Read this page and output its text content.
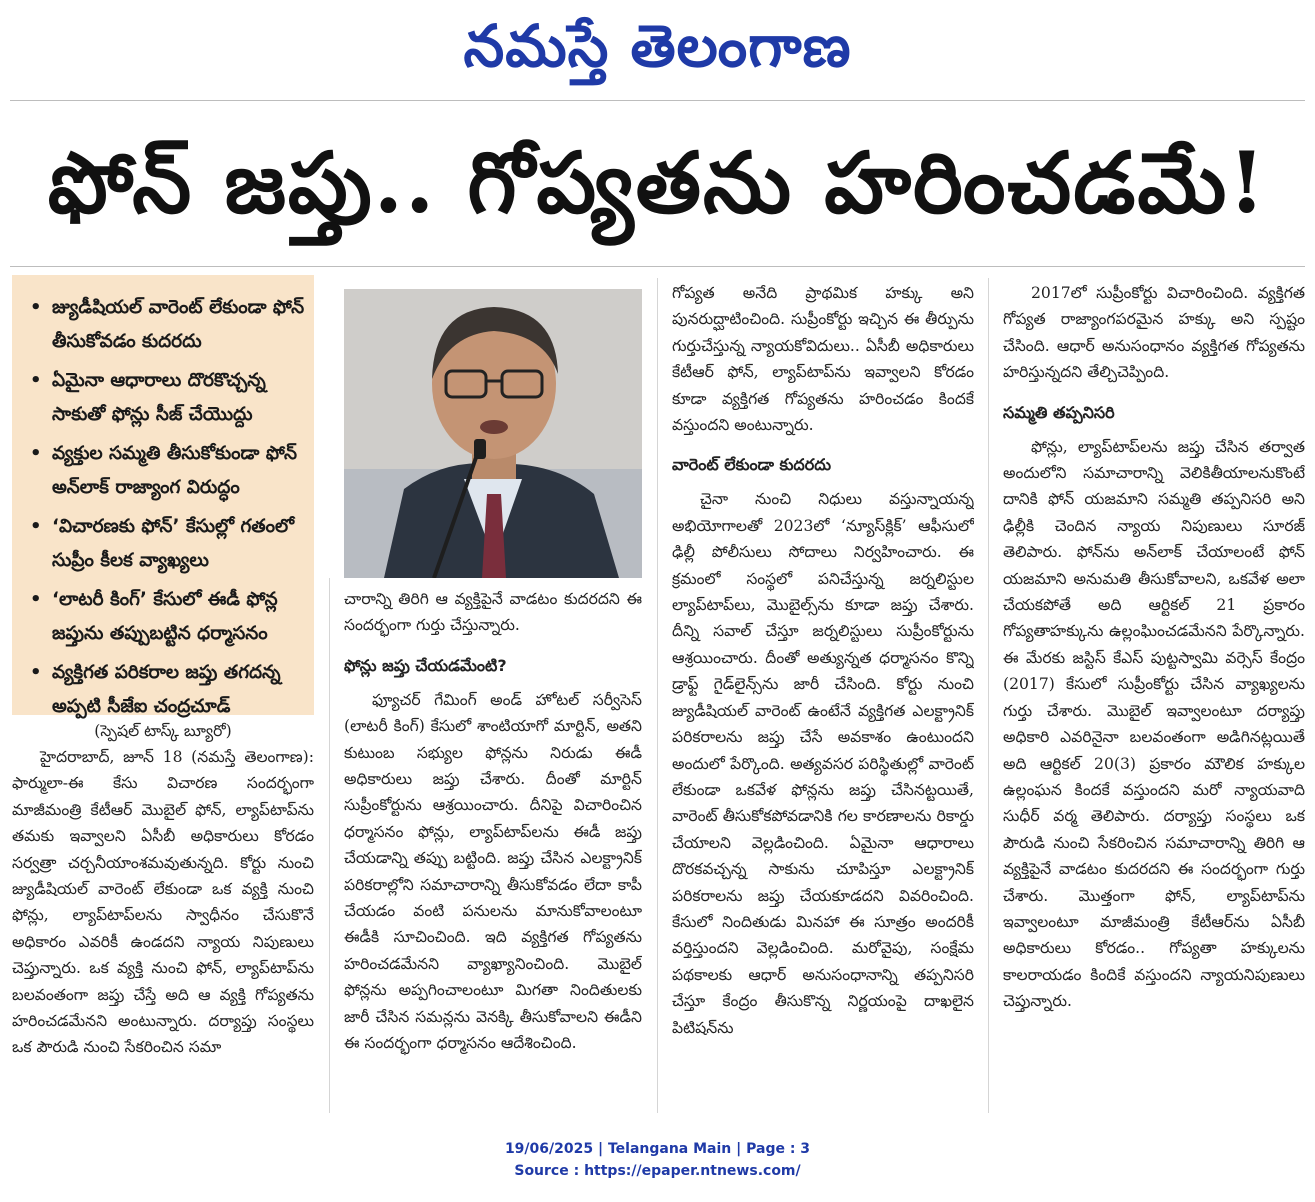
నమస్తే తెలంగాణ
ఫోన్ జప్తు.. గోప్యతను హరించడమే!
• జ్యుడీషియల్ వారెంట్ లేకుండా ఫోన్ తీసుకోవడం కుదరదు
• ఏమైనా ఆధారాలు దొరకొచ్చన్న సాకుతో ఫోన్లు సీజ్ చేయొద్దు
• వ్యక్తుల సమ్మతి తీసుకోకుండా ఫోన్ అన్‌లాక్ రాజ్యాంగ విరుద్ధం
• ‘విచారణకు ఫోన్’ కేసుల్లో గతంలో సుప్రీం కీలక వ్యాఖ్యలు
• ‘లాటరీ కింగ్’ కేసులో ఈడీ ఫోన్ల జప్తును తప్పుబట్టిన ధర్మాసనం
• వ్యక్తిగత పరికరాల జప్తు తగదన్న అప్పటి సీజేఐ చంద్రచూడ్
(స్పెషల్ టాస్క్ బ్యూరో)

హైదరాబాద్, జూన్ 18 (నమస్తే తెలంగాణ): ఫార్ములా-ఈ కేసు విచారణ సందర్భంగా మాజీమంత్రి కేటీఆర్ మొబైల్ ఫోన్, ల్యాప్‌టాప్‌ను తమకు ఇవ్వాలని ఏసీబీ అధికారులు కోరడం సర్వత్రా చర్చనీయాంశమవుతున్నది. కోర్టు నుంచి జ్యుడీషియల్ వారెంట్ లేకుండా ఒక వ్యక్తి నుంచి ఫోన్లు, ల్యాప్‌టాప్‌లను స్వాధీనం చేసుకొనే అధికారం ఎవరికీ ఉండదని న్యాయ నిపుణులు చెప్తున్నారు. ఒక వ్యక్తి నుంచి ఫోన్, ల్యాప్‌టాప్‌ను బలవంతంగా జప్తు చేస్తే అది ఆ వ్యక్తి గోప్యతను హరించడమేనని అంటున్నారు. దర్యాప్తు సంస్థలు ఒక పౌరుడి నుంచి సేకరించిన సమా

చారాన్ని తిరిగి ఆ వ్యక్తిపైనే వాడటం కుదరదని ఈ సందర్భంగా గుర్తు చేస్తున్నారు.

ఫోన్లు జప్తు చేయడమేంటి?

ఫ్యూచర్ గేమింగ్ అండ్ హోటల్ సర్వీసెస్ (లాటరీ కింగ్) కేసులో శాంటియాగో మార్టిన్, అతని కుటుంబ సభ్యుల ఫోన్లను నిరుడు ఈడీ అధికారులు జప్తు చేశారు. దీంతో మార్టిన్ సుప్రీంకోర్టును ఆశ్రయించారు. దీనిపై విచారించిన ధర్మాసనం ఫోన్లు, ల్యాప్‌టాప్‌లను ఈడీ జప్తు చేయడాన్ని తప్పు బట్టింది. జప్తు చేసిన ఎలక్ట్రానిక్ పరికరాల్లోని సమాచారాన్ని తీసుకోవడం లేదా కాపీ చేయడం వంటి పనులను మానుకోవాలంటూ ఈడీకి సూచించింది. ఇది వ్యక్తిగత గోప్యతను హరించడమేనని వ్యాఖ్యానించింది. మొబైల్ ఫోన్లను అప్పగించాలంటూ మిగతా నిందితులకు జారీ చేసిన సమన్లను వెనక్కి తీసుకోవాలని ఈడీని ఈ సందర్భంగా ధర్మాసనం ఆదేశించింది.

గోప్యత అనేది ప్రాథమిక హక్కు అని పునరుద్ఘాటించింది. సుప్రీంకోర్టు ఇచ్చిన ఈ తీర్పును గుర్తుచేస్తున్న న్యాయకోవిదులు.. ఏసీబీ అధికారులు కేటీఆర్ ఫోన్, ల్యాప్‌టాప్‌ను ఇవ్వాలని కోరడం కూడా వ్యక్తిగత గోప్యతను హరించడం కిందకే వస్తుందని అంటున్నారు.

వారెంట్ లేకుండా కుదరదు

చైనా నుంచి నిధులు వస్తున్నాయన్న అభియోగాలతో 2023లో ‘న్యూస్‌క్లిక్’ ఆఫీసులో ఢిల్లీ పోలీసులు సోదాలు నిర్వహించారు. ఈ క్రమంలో సంస్థలో పనిచేస్తున్న జర్నలిస్టుల ల్యాప్‌టాప్‌లు, మొబైల్స్‌ను కూడా జప్తు చేశారు. దీన్ని సవాల్ చేస్తూ జర్నలిస్టులు సుప్రీంకోర్టును ఆశ్రయించారు. దీంతో అత్యున్నత ధర్మాసనం కొన్ని డ్రాఫ్ట్ గైడ్‌లైన్స్‌ను జారీ చేసింది. కోర్టు నుంచి జ్యుడీషియల్ వారెంట్ ఉంటేనే వ్యక్తిగత ఎలక్ట్రానిక్ పరికరాలను జప్తు చేసే అవకాశం ఉంటుందని అందులో పేర్కొంది. అత్యవసర పరిస్థితుల్లో వారెంట్ లేకుండా ఒకవేళ ఫోన్లను జప్తు చేసినట్టయితే, వారెంట్ తీసుకోకపోవడానికి గల కారణాలను రికార్డు చేయాలని వెల్లడించింది. ఏమైనా ఆధారాలు దొరకవచ్చన్న సాకును చూపిస్తూ ఎలక్ట్రానిక్ పరికరాలను జప్తు చేయకూడదని వివరించింది. కేసులో నిందితుడు మినహా ఈ సూత్రం అందరికీ వర్తిస్తుందని వెల్లడించింది. మరోవైపు, సంక్షేమ పథకాలకు ఆధార్ అనుసంధానాన్ని తప్పనిసరి చేస్తూ కేంద్రం తీసుకొన్న నిర్ణయంపై దాఖలైన పిటిషన్‌ను

2017లో సుప్రీంకోర్టు విచారించింది. వ్యక్తిగత గోప్యత రాజ్యాంగపరమైన హక్కు అని స్పష్టం చేసింది. ఆధార్ అనుసంధానం వ్యక్తిగత గోప్యతను హరిస్తున్నదని తేల్చిచెప్పింది.

సమ్మతి తప్పనిసరి

ఫోన్లు, ల్యాప్‌టాప్‌లను జప్తు చేసిన తర్వాత అందులోని సమాచారాన్ని వెలికితీయాలనుకొంటే దానికి ఫోన్ యజమాని సమ్మతి తప్పనిసరి అని ఢిల్లీకి చెందిన న్యాయ నిపుణులు సూరజ్ తెలిపారు. ఫోన్‌ను అన్‌లాక్ చేయాలంటే ఫోన్ యజమాని అనుమతి తీసుకోవాలని, ఒకవేళ అలా చేయకపోతే అది ఆర్టికల్ 21 ప్రకారం గోప్యతాహక్కును ఉల్లంఘించడమేనని పేర్కొన్నారు. ఈ మేరకు జస్టిస్ కేఎస్ పుట్టస్వామి వర్సెస్ కేంద్రం (2017) కేసులో సుప్రీంకోర్టు చేసిన వ్యాఖ్యలను గుర్తు చేశారు. మొబైల్ ఇవ్వాలంటూ దర్యాప్తు అధికారి ఎవరినైనా బలవంతంగా అడిగినట్లయితే అది ఆర్టికల్ 20(3) ప్రకారం మౌలిక హక్కుల ఉల్లంఘన కిందకే వస్తుందని మరో న్యాయవాది సుధీర్ వర్మ తెలిపారు. దర్యాప్తు సంస్థలు ఒక పౌరుడి నుంచి సేకరించిన సమాచారాన్ని తిరిగి ఆ వ్యక్తిపైనే వాడటం కుదరదని ఈ సందర్భంగా గుర్తు చేశారు. మొత్తంగా ఫోన్, ల్యాప్‌టాప్‌ను ఇవ్వాలంటూ మాజీమంత్రి కేటీఆర్‌ను ఏసీబీ అధికారులు కోరడం.. గోప్యతా హక్కులను కాలరాయడం కిందికే వస్తుందని న్యాయనిపుణులు చెప్తున్నారు.

19/06/2025 | Telangana Main | Page : 3
Source : https://epaper.ntnews.com/
